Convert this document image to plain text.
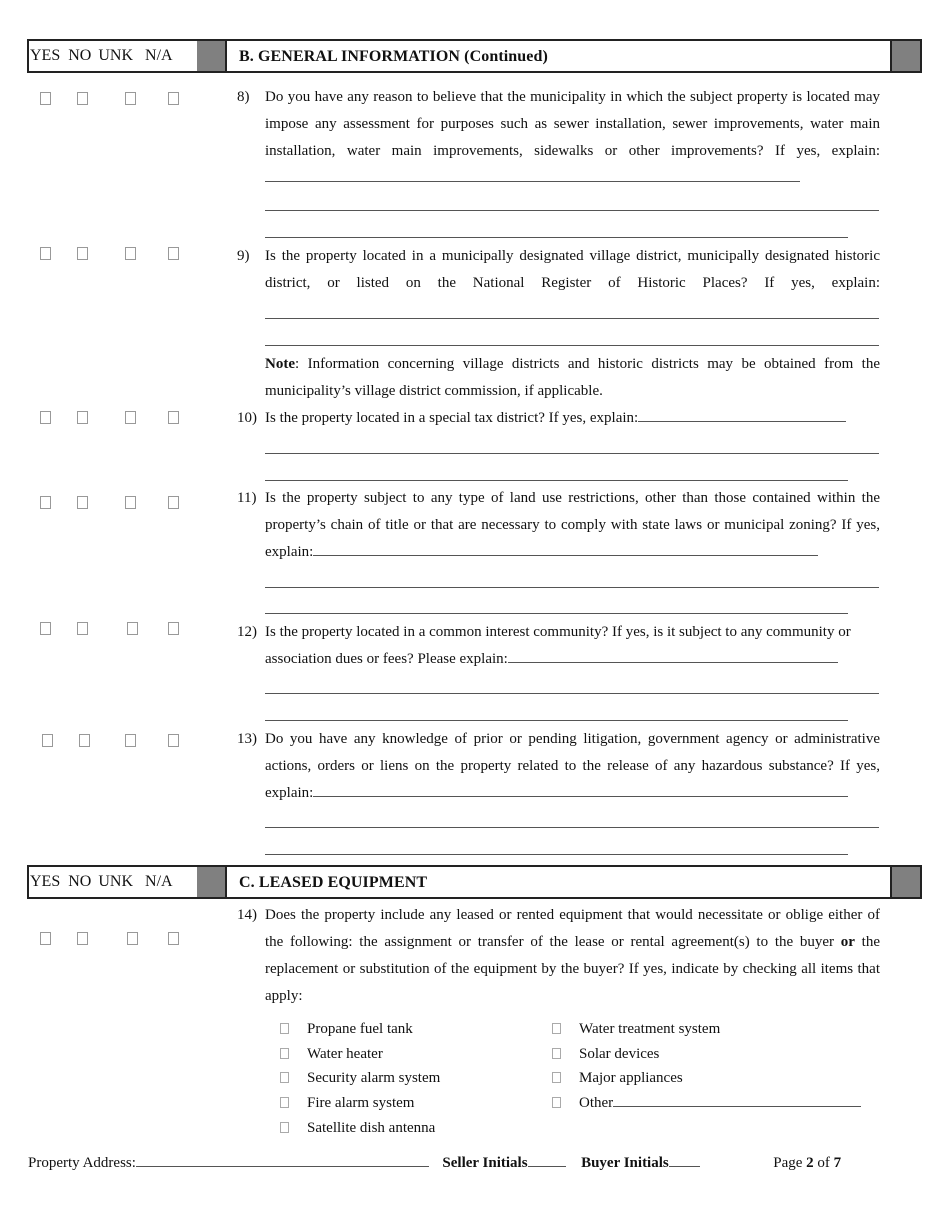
YES NO UNK N/A	B. GENERAL INFORMATION (Continued)
8) Do you have any reason to believe that the municipality in which the subject property is located may impose any assessment for purposes such as sewer installation, sewer improvements, water main installation, water main improvements, sidewalks or other improvements? If yes, explain:
9) Is the property located in a municipally designated village district, municipally designated historic district, or listed on the National Register of Historic Places? If yes, explain:
Note: Information concerning village districts and historic districts may be obtained from the municipality’s village district commission, if applicable.
10) Is the property located in a special tax district? If yes, explain:
11) Is the property subject to any type of land use restrictions, other than those contained within the property’s chain of title or that are necessary to comply with state laws or municipal zoning? If yes, explain:
12) Is the property located in a common interest community? If yes, is it subject to any community or association dues or fees? Please explain:
13) Do you have any knowledge of prior or pending litigation, government agency or administrative actions, orders or liens on the property related to the release of any hazardous substance? If yes, explain:
YES NO UNK N/A	C. LEASED EQUIPMENT
14) Does the property include any leased or rented equipment that would necessitate or oblige either of the following: the assignment or transfer of the lease or rental agreement(s) to the buyer or the replacement or substitution of the equipment by the buyer? If yes, indicate by checking all items that apply:
Propane fuel tank
Water heater
Security alarm system
Fire alarm system
Satellite dish antenna
Water treatment system
Solar devices
Major appliances
Other
Property Address:	Seller Initials	Buyer Initials	Page 2 of 7
